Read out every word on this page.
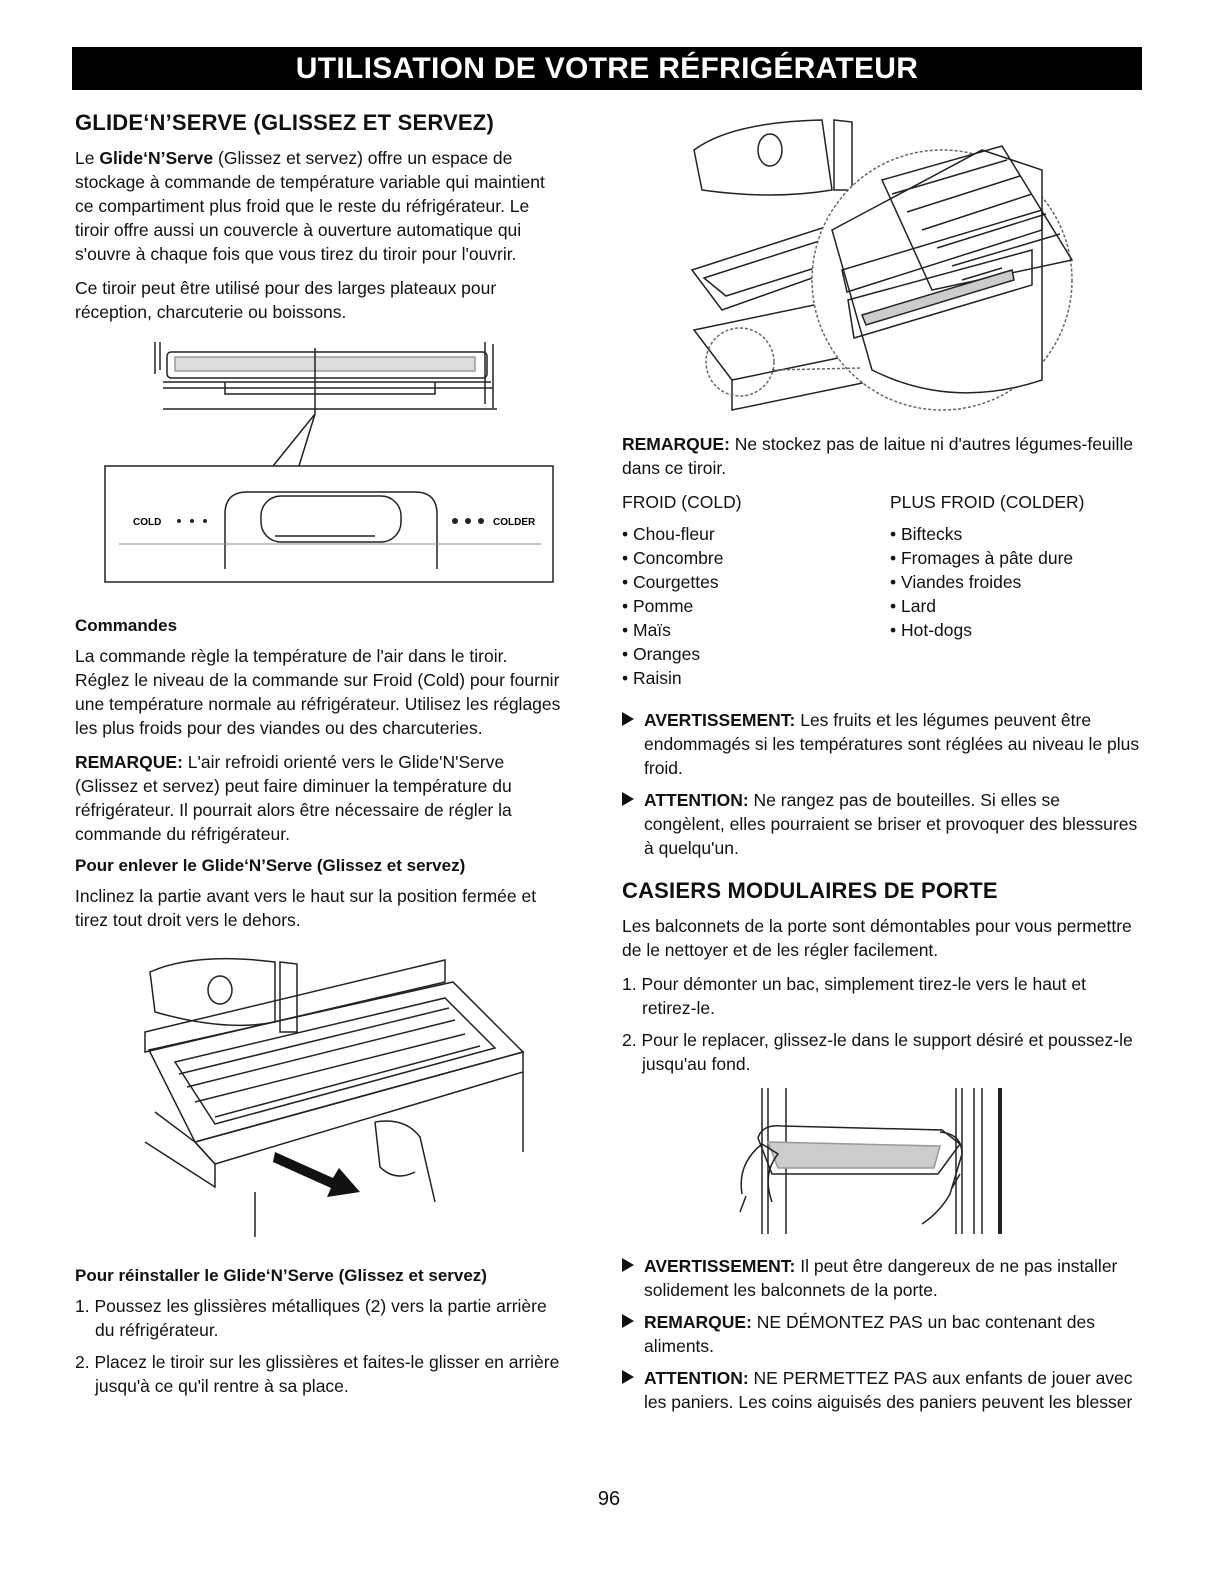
UTILISATION DE VOTRE RÉFRIGÉRATEUR
GLIDE‘N’SERVE (GLISSEZ ET SERVEZ)

Le Glide‘N’Serve (Glissez et servez) offre un espace de stockage à commande de température variable qui maintient ce compartiment plus froid que le reste du réfrigérateur. Le tiroir offre aussi un couvercle à ouverture automatique qui s'ouvre à chaque fois que vous tirez du tiroir pour l'ouvrir.

Ce tiroir peut être utilisé pour des larges plateaux pour réception, charcuterie ou boissons.

COLD	COLDER
Commandes

La commande règle la température de l'air dans le tiroir. Réglez le niveau de la commande sur Froid (Cold) pour fournir une température normale au réfrigérateur. Utilisez les réglages les plus froids pour des viandes ou des charcuteries.

REMARQUE: L'air refroidi orienté vers le Glide'N'Serve (Glissez et servez) peut faire diminuer la température du réfrigérateur. Il pourrait alors être nécessaire de régler la commande du réfrigérateur.

Pour enlever le Glide‘N’Serve (Glissez et servez)

Inclinez la partie avant vers le haut sur la position fermée et tirez tout droit vers le dehors.

Pour réinstaller le Glide‘N’Serve (Glissez et servez)
1. Poussez les glissières métalliques (2) vers la partie arrière du réfrigérateur.
2. Placez le tiroir sur les glissières et faites-le glisser en arrière jusqu'à ce qu'il rentre à sa place.

REMARQUE: Ne stockez pas de laitue ni d'autres légumes-feuille dans ce tiroir.

FROID (COLD)
• Chou-fleur
• Concombre
• Courgettes
• Pomme
• Maïs
• Oranges
• Raisin
PLUS FROID (COLDER)
• Biftecks
• Fromages à pâte dure
• Viandes froides
• Lard
• Hot-dogs
AVERTISSEMENT: Les fruits et les légumes peuvent être endommagés si les températures sont réglées au niveau le plus froid.
ATTENTION: Ne rangez pas de bouteilles. Si elles se congèlent, elles pourraient se briser et provoquer des blessures à quelqu'un.
CASIERS MODULAIRES DE PORTE

Les balconnets de la porte sont démontables pour vous permettre de le nettoyer et de les régler facilement.

1. Pour démonter un bac, simplement tirez-le vers le haut et retirez-le.
2. Pour le replacer, glissez-le dans le support désiré et poussez-le jusqu'au fond.
AVERTISSEMENT: Il peut être dangereux de ne pas installer solidement les balconnets de la porte.
REMARQUE: NE DÉMONTEZ PAS un bac contenant des aliments.
ATTENTION: NE PERMETTEZ PAS aux enfants de jouer avec les paniers. Les coins aiguisés des paniers peuvent les blesser
96
